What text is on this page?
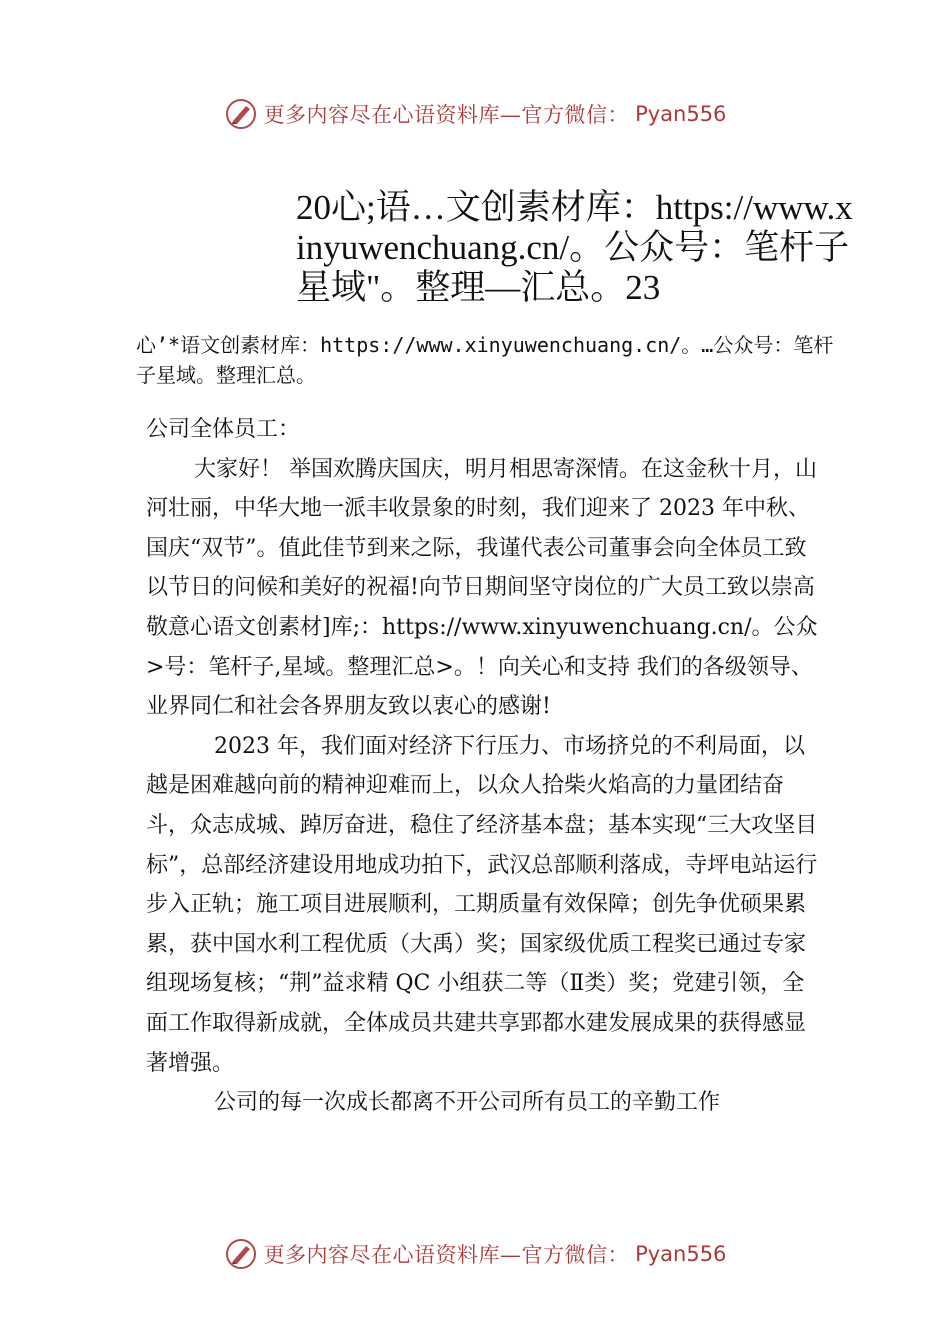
更多内容尽在心语资料库—官方微信： Pyan556
20心;语…文创素材库：https://www.xinyuwenchuang.cn/。公众号：笔杆子星域"。整理—汇总。23

心’*语文创素材库：https://www.xinyuwenchuang.cn/。…公众号：笔杆子星域。整理汇总。

公司全体员工：

大家好！ 举国欢腾庆国庆，明月相思寄深情。在这金秋十月，山河壮丽，中华大地一派丰收景象的时刻，我们迎来了 2023 年中秋、国庆“双节”。值此佳节到来之际，我谨代表公司董事会向全体员工致以节日的问候和美好的祝福!向节日期间坚守岗位的广大员工致以崇高敬意心语文创素材]库;：https://www.xinyuwenchuang.cn/。公众>号：笔杆子,星域。整理汇总>。！向关心和支持 我们的各级领导、业界同仁和社会各界朋友致以衷心的感谢!

2023 年，我们面对经济下行压力、市场挤兑的不利局面，以越是困难越向前的精神迎难而上，以众人拾柴火焰高的力量团结奋斗，众志成城、踔厉奋进，稳住了经济基本盘；基本实现“三大攻坚目标”，总部经济建设用地成功拍下，武汉总部顺利落成，寺坪电站运行步入正轨；施工项目进展顺利，工期质量有效保障；创先争优硕果累累，获中国水利工程优质（大禹）奖；国家级优质工程奖已通过专家组现场复核；“荆”益求精 QC 小组获二等（Ⅱ类）奖；党建引领，全面工作取得新成就，全体成员共建共享郢都水建发展成果的获得感显著增强。

公司的每一次成长都离不开公司所有员工的辛勤工作

更多内容尽在心语资料库—官方微信： Pyan556
